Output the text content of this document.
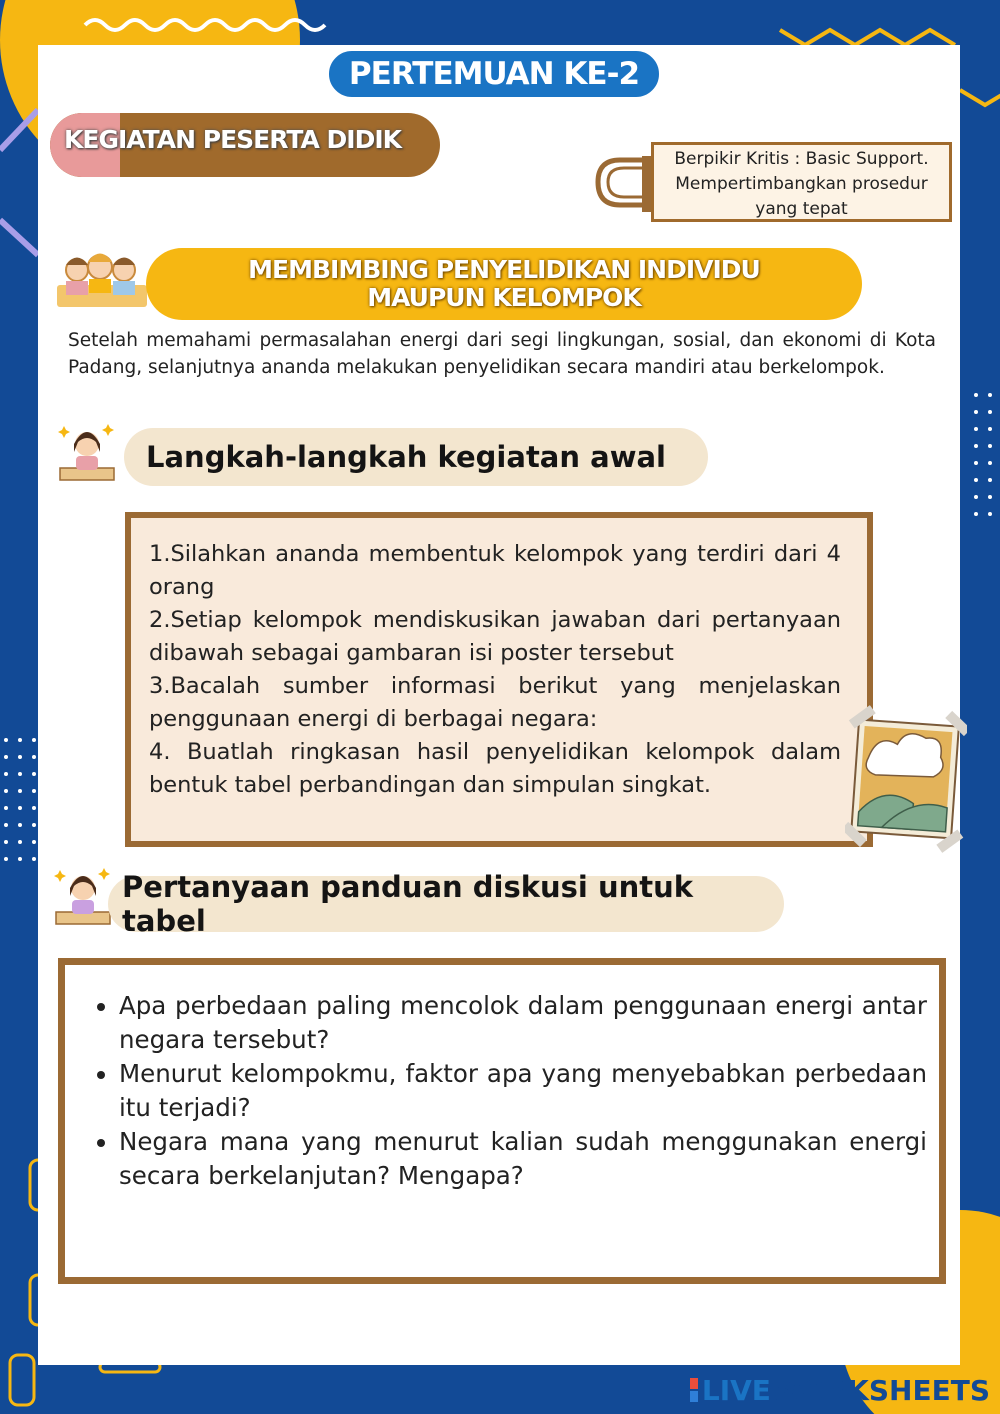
PERTEMUAN KE-2
KEGIATAN PESERTA DIDIK
Berpikir Kritis : Basic Support.
Mempertimbangkan prosedur
yang tepat
MEMBIMBING PENYELIDIKAN INDIVIDU
MAUPUN KELOMPOK
Setelah memahami permasalahan energi dari segi lingkungan, sosial, dan ekonomi di Kota Padang, selanjutnya ananda melakukan penyelidikan secara mandiri atau berkelompok.
Langkah-langkah kegiatan awal

1.Silahkan ananda membentuk kelompok yang terdiri dari 4 orang

2.Setiap kelompok mendiskusikan jawaban dari pertanyaan dibawah sebagai gambaran isi poster tersebut

3.Bacalah sumber informasi berikut yang menjelaskan penggunaan energi di berbagai negara:

4. Buatlah ringkasan hasil penyelidikan kelompok dalam bentuk tabel perbandingan dan simpulan singkat.

Pertanyaan panduan diskusi untuk tabel
• Apa perbedaan paling mencolok dalam penggunaan energi antar negara tersebut?
• Menurut kelompokmu, faktor apa yang menyebabkan perbedaan itu terjadi?
• Negara mana yang menurut kalian sudah menggunakan energi secara berkelanjutan? Mengapa?
LIVE WORKSHEETS
